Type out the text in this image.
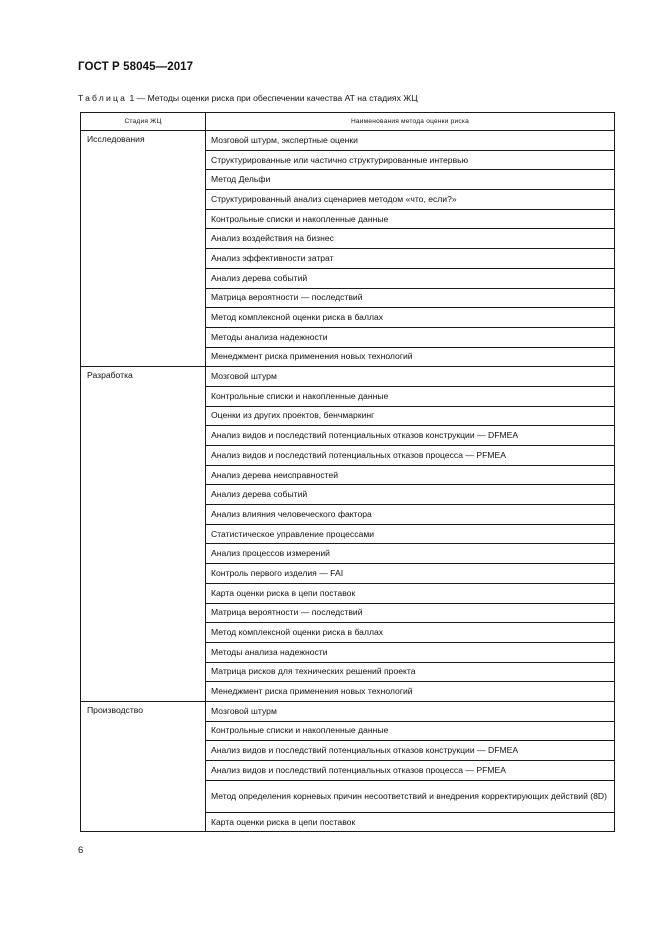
ГОСТ Р 58045—2017
Таблица 1 — Методы оценки риска при обеспечении качества АТ на стадиях ЖЦ
Стадия ЖЦ	Наименования метода оценки риска
Исследования	Мозговой штурм, экспертные оценки
	Структурированные или частично структурированные интервью
	Метод Дельфи
	Структурированный анализ сценариев методом «что, если?»
	Контрольные списки и накопленные данные
	Анализ воздействия на бизнес
	Анализ эффективности затрат
	Анализ дерева событий
	Матрица вероятности — последствий
	Метод комплексной оценки риска в баллах
	Методы анализа надежности
	Менеджмент риска применения новых технологий
Разработка	Мозговой штурм
	Контрольные списки и накопленные данные
	Оценки из других проектов, бенчмаркинг
	Анализ видов и последствий потенциальных отказов конструкции — DFMEA
	Анализ видов и последствий потенциальных отказов процесса — PFMEA
	Анализ дерева неисправностей
	Анализ дерева событий
	Анализ влияния человеческого фактора
	Статистическое управление процессами
	Анализ процессов измерений
	Контроль первого изделия — FAI
	Карта оценки риска в цепи поставок
	Матрица вероятности — последствий
	Метод комплексной оценки риска в баллах
	Методы анализа надежности
	Матрица рисков для технических решений проекта
	Менеджмент риска применения новых технологий
Производство	Мозговой штурм
	Контрольные списки и накопленные данные
	Анализ видов и последствий потенциальных отказов конструкции — DFMEA
	Анализ видов и последствий потенциальных отказов процесса — PFMEA
	Метод определения корневых причин несоответствий и внедрения корректирующих действий (8D)
	Карта оценки риска в цепи поставок
6
